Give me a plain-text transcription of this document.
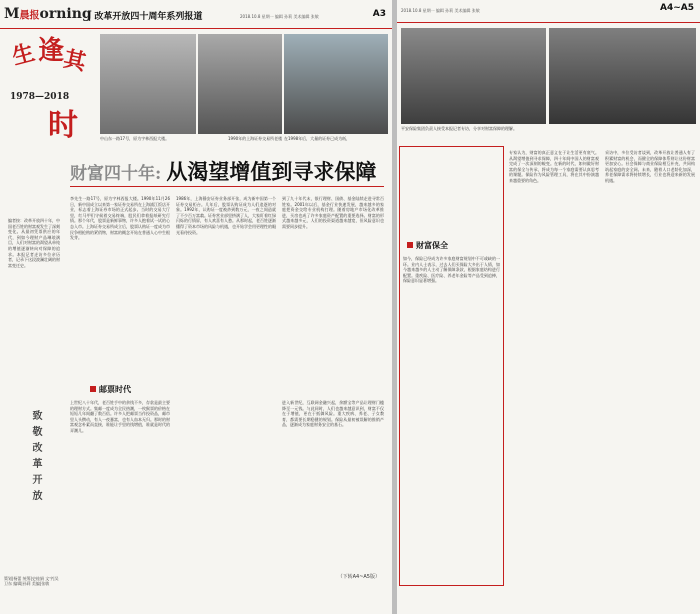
M晨报orning
| 改革开放四十周年系列报道	2018.10.8 星期一 编辑 孙莉 美术编辑 张敏	A3
生 逢
其
1978—2018
时	中山东一路17号，原为字林西报大楼。	1990年的上海证券交易所老楼 在1998年后，大量的证券已成为纸，
财富四十年: 从渴望增值到寻求保障
编者按：改革开放四十年，中国老百姓的财富观发生了深刻变化。从最初凭票供应的年代，到如今理财产品琳琅满目，人们对财富的渴望从单纯的增值逐渐转向对保障的追求。本报记者走访多位亲历者，记录下这段波澜壮阔的财富变迁史。
致敬改革开放
李先生一路17号，原为字林西报大楼。1990年11月26日，新中国成立以来第一家证券交易所在上海浦江饭店开业，标志着上海证券市场的正式起步。当时的交易大厅里，红马甲们守候着交易终端，股民们拿着报纸研究行情。那个年代，股票是新鲜事物，许多人抱着试一试的心态入市。上海证券交易所成立后，股票认购证一度成为市民争相抢购的紧俏物，财富的概念开始在普通人心中生根发芽。
邮票时代
上世纪八十年代，老百姓手中的余钱不多，存款是最主要的理财方式。集邮一度成为全民热潮，一枚猴票的价格在短短几年间翻了数百倍。许多人把邮票当作投资品，邮市里人头攒动，有人一夜暴富，也有人血本无归。那时的财富观念朴素而直接，谁能让手里的钱增值，谁就是时代的弄潮儿。
1986年，上海静安证券业务部开张，成为新中国第一个证券交易柜台。几年后，股票认购证成为人们追逐的对象。1992年，认购证一度被炒到数万元，一夜之间造就了不少百万富翁。证券营业部里挤满了人，大家盯着红绿闪烁的行情屏，有人欢喜有人愁。从那时起，老百姓逐渐懂得了资本市场的风险与机遇，也开始学会用更理性的眼光看待投资。
到了九十年代末，银行理财、国债、基金陆续走进寻常百姓家。2001年以后，基金行业快速发展，越来越多的家庭把资金交给专业机构打理。随着房地产市场化改革推进，买房也成了许多家庭资产配置的重要选择。财富的形式越来越多元，人们的投资渠道越来越宽，但风险意识也需要同步提升。
进入新世纪，互联网金融兴起，余额宝等产品让理财门槛降至一元钱。与此同时，人们也越来越意识到，财富不仅在于增值，更在于抵御风险。重大疾病、养老、子女教育，都需要长期稳健的规划。保险从最初被误解的推销产品，逐渐成为家庭财务安全的基石。
（下转A4~A5版）
策划|杨蕾 统筹|史桂娟 文字|吴卫东 编辑|孙莉 美编|张敏
2018.10.8 星期一 编辑 孙莉 美术编辑 张敏	A4~A5
平安保险集团负责人接受本报记者专访，分享对财富保障的理解。
财富保全
如今，保险已经成为许多家庭财富规划中不可或缺的一环。业内人士表示，过去人们买保险大多出于人情，如今越来越多的人主动了解保障条款，根据家庭结构进行配置。重疾险、医疗险、养老年金险等产品受到追捧，保险意识显著增强。
专家认为，财富的真正意义在于让生活更有底气。从渴望增值到寻求保障，四十年间中国人的财富观完成了一次深刻的蜕变。在新的时代，如何做好财富的保全与传承，将成为每一个家庭需要认真思考的课题。保险作为风险管理工具，将在其中扮演越来越重要的角色。
采访中，多位受访者谈到，改革开放让普通人有了积累财富的机会，而健全的保障体系则让这份财富更加安心。社会保障与商业保险相互补充，共同构筑起家庭的安全网。未来，随着人口老龄化加深，养老保障需求将持续增长，行业也将迎来新的发展机遇。
